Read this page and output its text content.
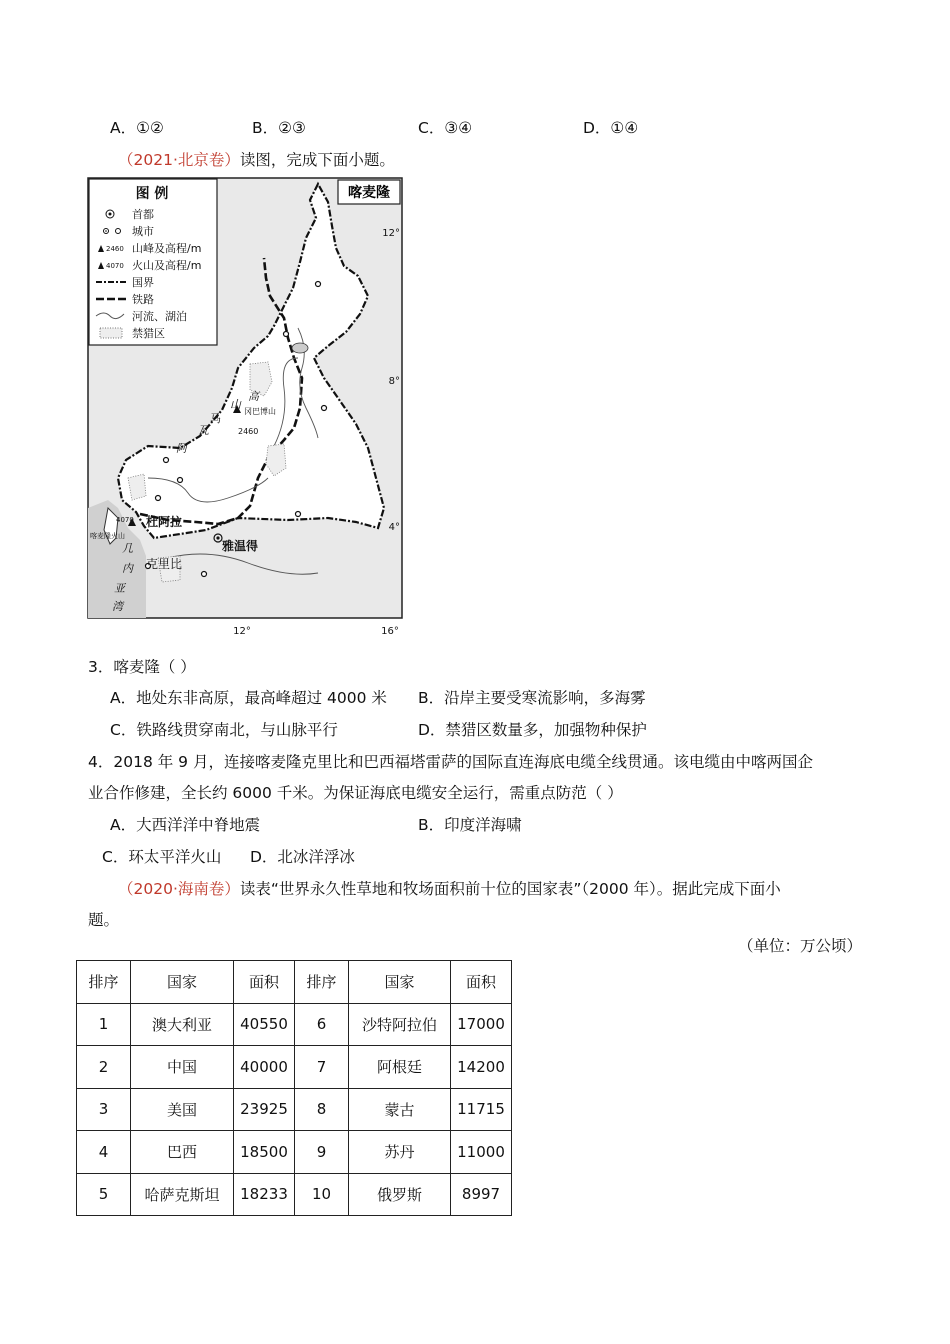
A．①②	B．②③	C．③④	D．①④
（2021·北京卷）读图，完成下面小题。
冈巴博山
2460
高
山
马
瓦
阿
4070
喀麦隆火山
杜阿拉
雅温得
克里比
几
内
亚
湾
12°
8°
4°
12°	16°
喀麦隆
图 例
首都
城市
2460 山峰及高程/m
4070 火山及高程/m
国界
铁路
河流、湖泊
禁猎区
3．喀麦隆（ ）
A．地处东非高原，最高峰超过 4000 米 B．沿岸主要受寒流影响，多海雾
C．铁路线贯穿南北，与山脉平行	D．禁猎区数量多，加强物种保护
4．2018 年 9 月，连接喀麦隆克里比和巴西福塔雷萨的国际直连海底电缆全线贯通。该电缆由中喀两国企
业合作修建，全长约 6000 千米。为保证海底电缆安全运行，需重点防范（ ）
A．大西洋洋中脊地震	B．印度洋海啸
C．环太平洋火山 D．北冰洋浮冰
（2020·海南卷）读表“世界永久性草地和牧场面积前十位的国家表”（2000 年）。据此完成下面小
题。
（单位：万公顷）
排序	国家	面积	排序	国家	面积
1	澳大利亚	40550	6	沙特阿拉伯	17000
2	中国	40000	7	阿根廷	14200
3	美国	23925	8	蒙古	11715
4	巴西	18500	9	苏丹	11000
5	哈萨克斯坦	18233	10	俄罗斯	8997
